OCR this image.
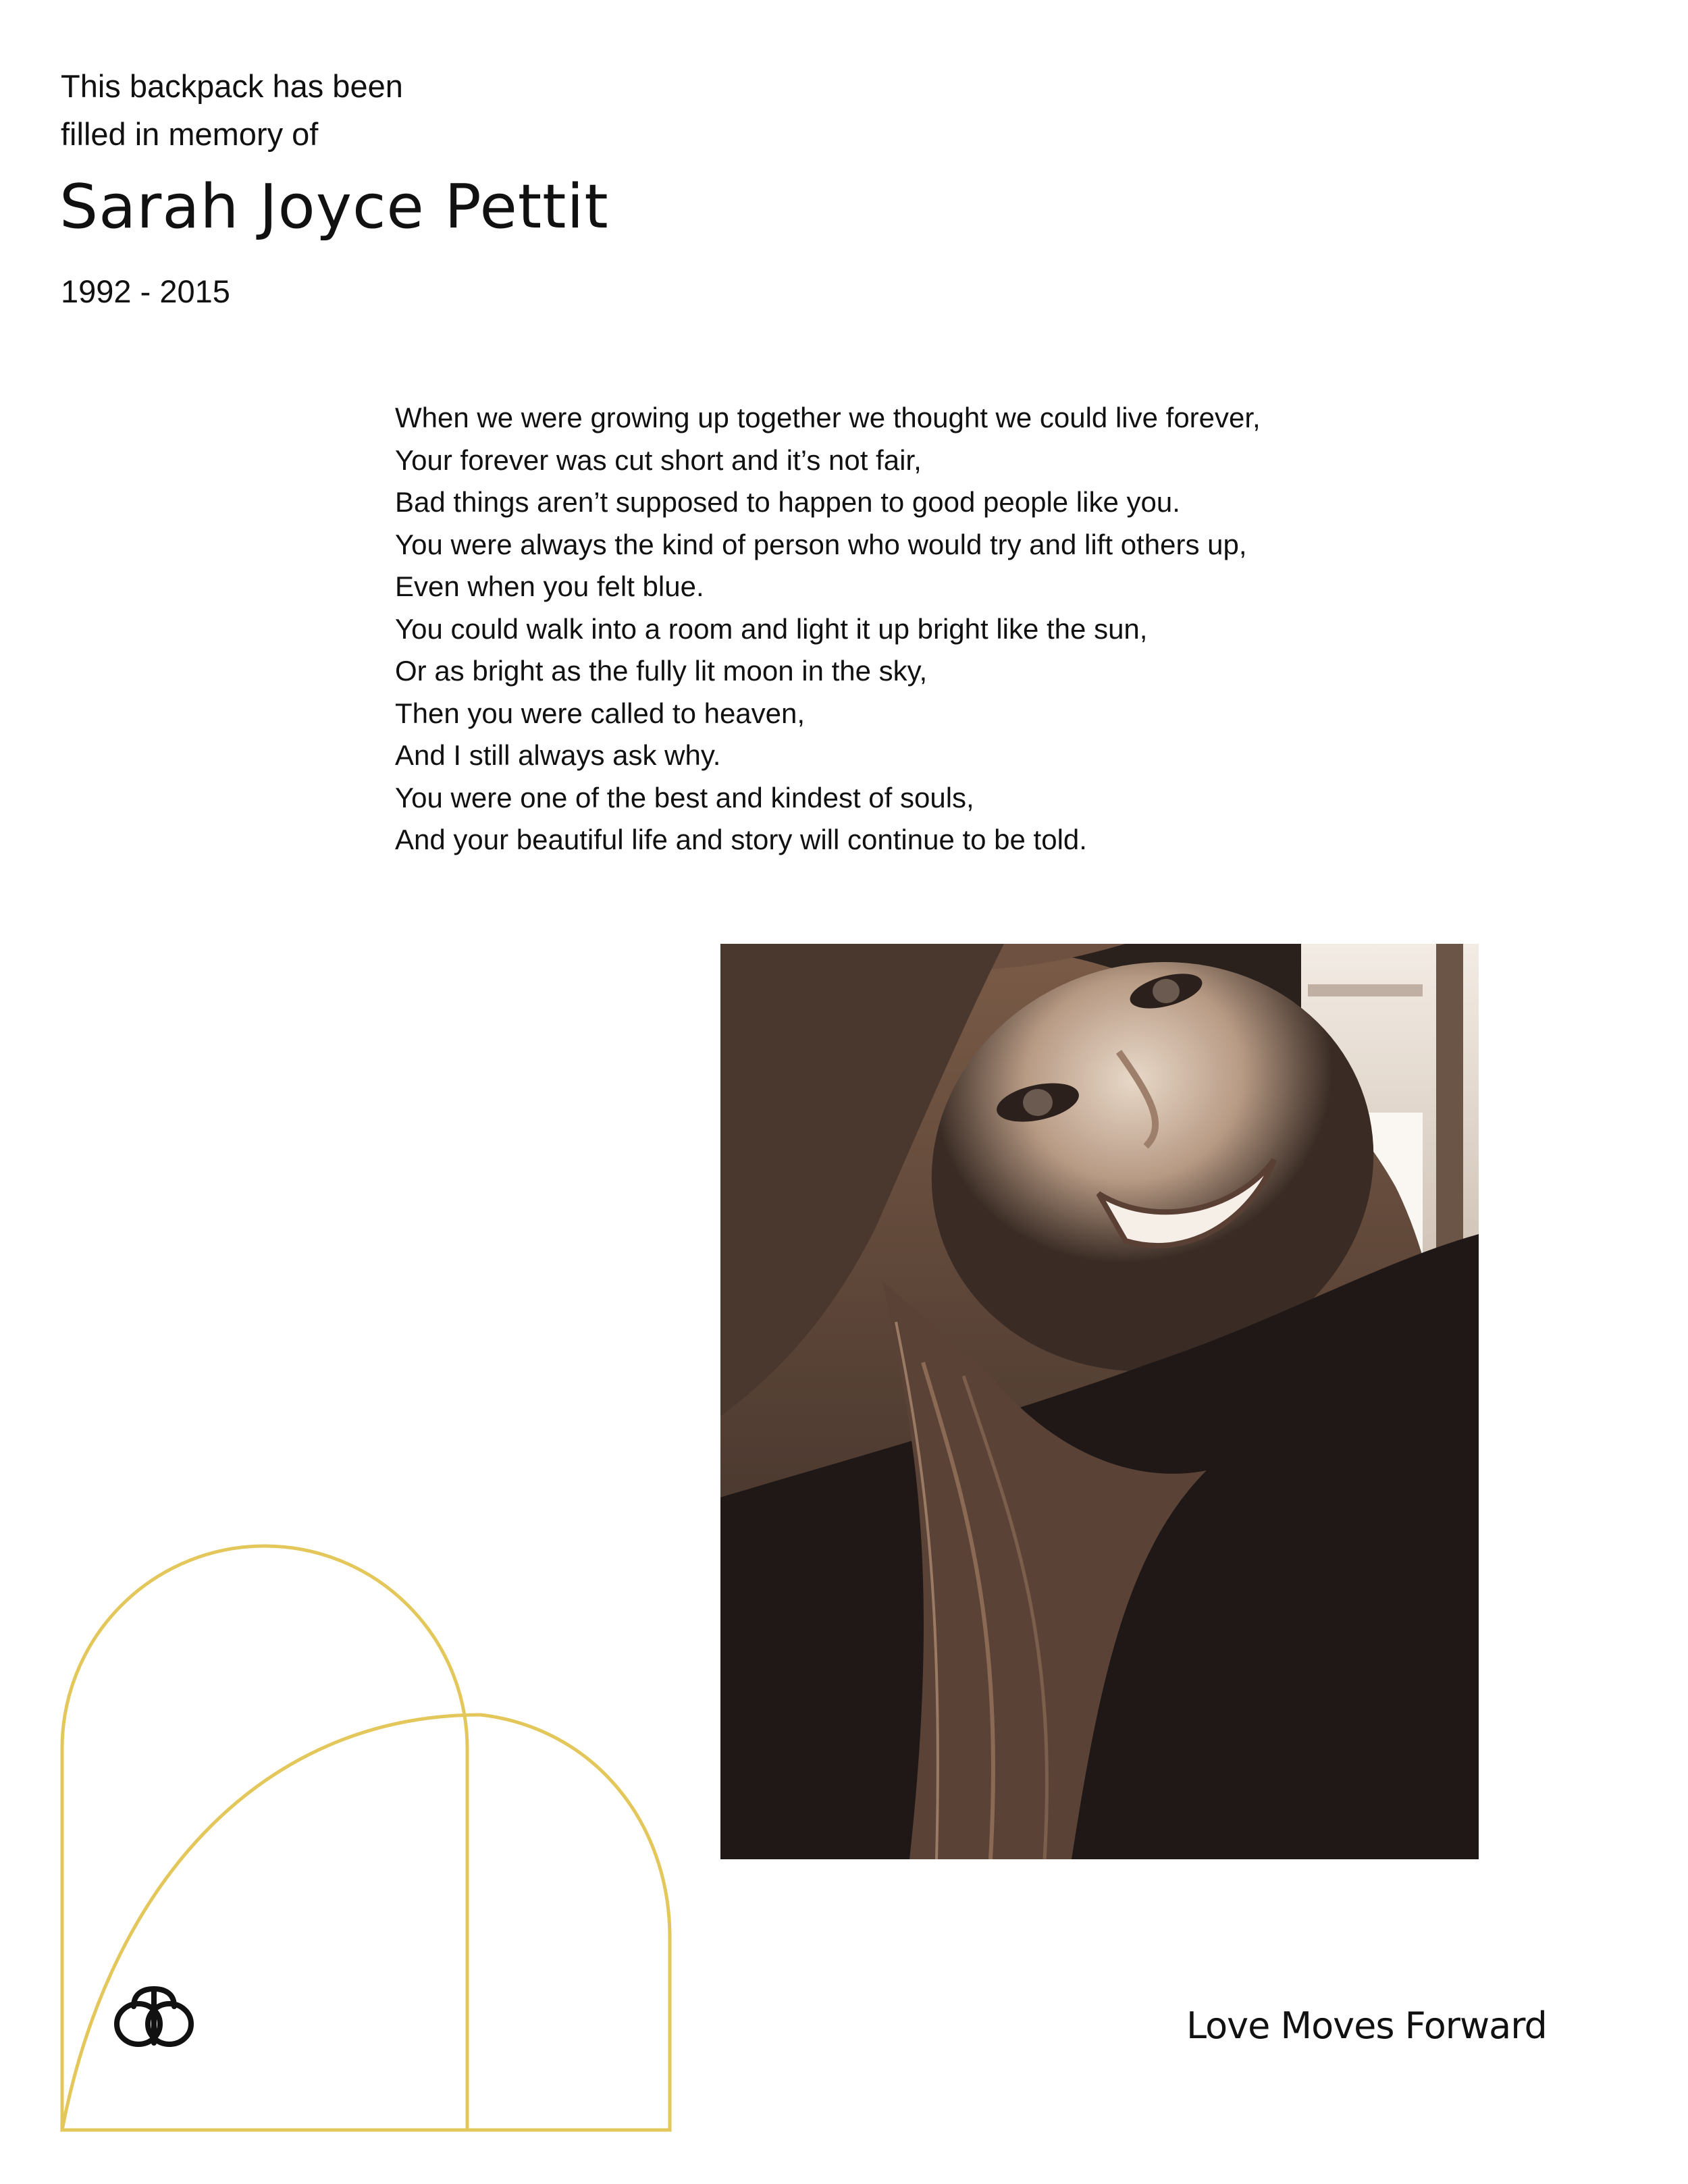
This backpack has been
filled in memory of

Sarah Joyce Pettit

1992 - 2015

When we were growing up together we thought we could live forever,
Your forever was cut short and it’s not fair,
Bad things aren’t supposed to happen to good people like you.
You were always the kind of person who would try and lift others up,
Even when you felt blue.
You could walk into a room and light it up bright like the sun,
Or as bright as the fully lit moon in the sky,
Then you were called to heaven,
And I still always ask why.
You were one of the best and kindest of souls,
And your beautiful life and story will continue to be told.

Love Moves Forward
